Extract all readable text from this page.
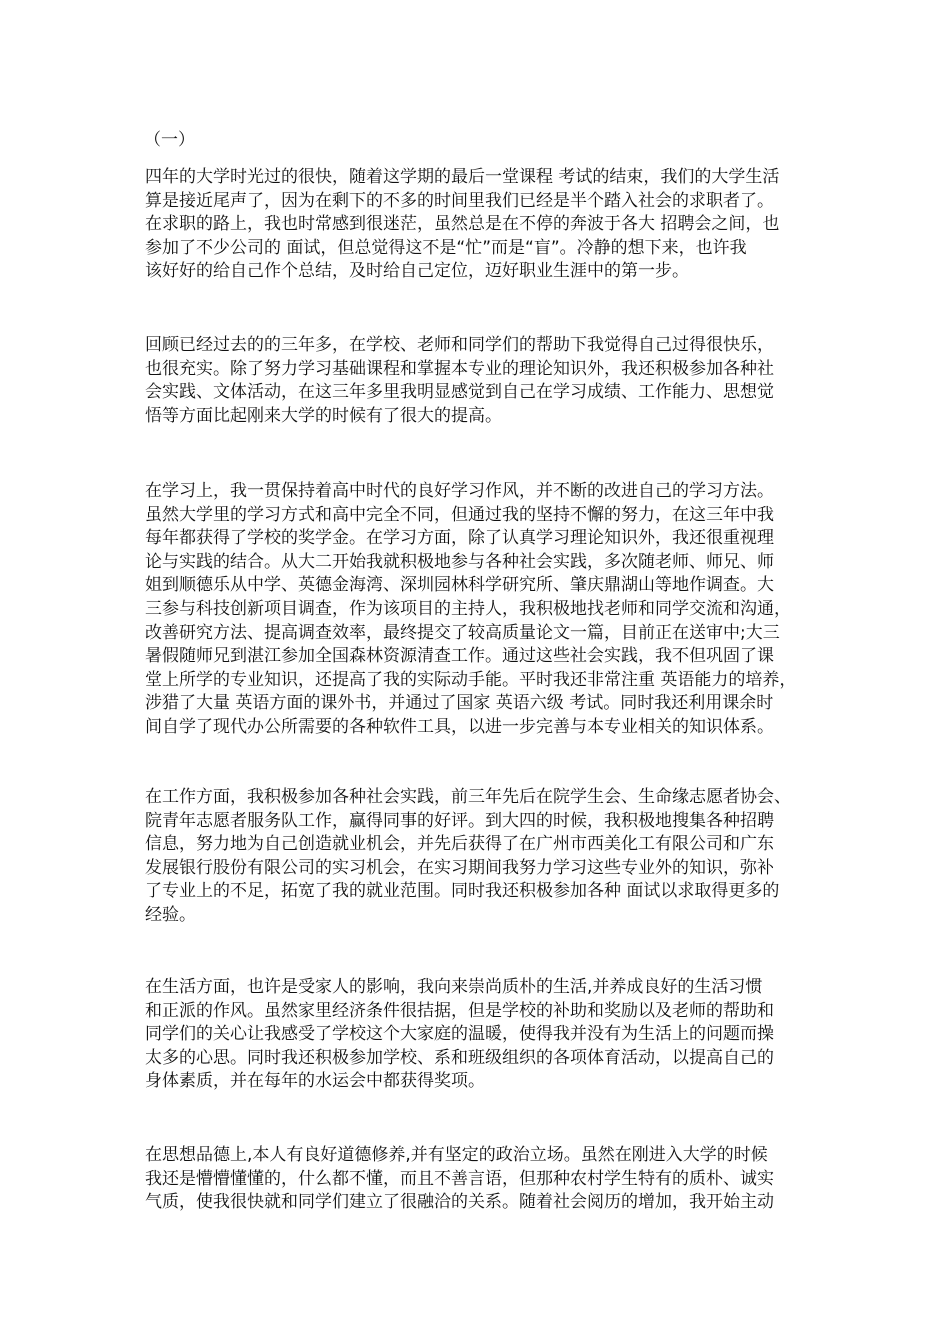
（一）
四年的大学时光过的很快，随着这学期的最后一堂课程 考试的结束，我们的大学生活
算是接近尾声了，因为在剩下的不多的时间里我们已经是半个踏入社会的求职者了。
在求职的路上，我也时常感到很迷茫，虽然总是在不停的奔波于各大 招聘会之间，也
参加了不少公司的 面试，但总觉得这不是“忙”而是“盲”。冷静的想下来，也许我
该好好的给自己作个总结，及时给自己定位，迈好职业生涯中的第一步。
回顾已经过去的的三年多，在学校、老师和同学们的帮助下我觉得自己过得很快乐，
也很充实。除了努力学习基础课程和掌握本专业的理论知识外，我还积极参加各种社
会实践、文体活动，在这三年多里我明显感觉到自己在学习成绩、工作能力、思想觉
悟等方面比起刚来大学的时候有了很大的提高。
在学习上，我一贯保持着高中时代的良好学习作风，并不断的改进自己的学习方法。
虽然大学里的学习方式和高中完全不同，但通过我的坚持不懈的努力，在这三年中我
每年都获得了学校的奖学金。在学习方面，除了认真学习理论知识外，我还很重视理
论与实践的结合。从大二开始我就积极地参与各种社会实践，多次随老师、师兄、师
姐到顺德乐从中学、英德金海湾、深圳园林科学研究所、肇庆鼎湖山等地作调查。大
三参与科技创新项目调查，作为该项目的主持人，我积极地找老师和同学交流和沟通，
改善研究方法、提高调查效率，最终提交了较高质量论文一篇，目前正在送审中;大三
暑假随师兄到湛江参加全国森林资源清查工作。通过这些社会实践，我不但巩固了课
堂上所学的专业知识，还提高了我的实际动手能。平时我还非常注重 英语能力的培养，
涉猎了大量 英语方面的课外书，并通过了国家 英语六级 考试。同时我还利用课余时
间自学了现代办公所需要的各种软件工具，以进一步完善与本专业相关的知识体系。
在工作方面，我积极参加各种社会实践，前三年先后在院学生会、生命缘志愿者协会、
院青年志愿者服务队工作，赢得同事的好评。到大四的时候，我积极地搜集各种招聘
信息，努力地为自己创造就业机会，并先后获得了在广州市西美化工有限公司和广东
发展银行股份有限公司的实习机会，在实习期间我努力学习这些专业外的知识，弥补
了专业上的不足，拓宽了我的就业范围。同时我还积极参加各种 面试以求取得更多的
经验。
在生活方面，也许是受家人的影响，我向来崇尚质朴的生活,并养成良好的生活习惯
和正派的作风。虽然家里经济条件很拮据，但是学校的补助和奖励以及老师的帮助和
同学们的关心让我感受了学校这个大家庭的温暖，使得我并没有为生活上的问题而操
太多的心思。同时我还积极参加学校、系和班级组织的各项体育活动，以提高自己的
身体素质，并在每年的水运会中都获得奖项。
在思想品德上,本人有良好道德修养,并有坚定的政治立场。虽然在刚进入大学的时候
我还是懵懵懂懂的，什么都不懂，而且不善言语，但那种农村学生特有的质朴、诚实
气质，使我很快就和同学们建立了很融洽的关系。随着社会阅历的增加，我开始主动
